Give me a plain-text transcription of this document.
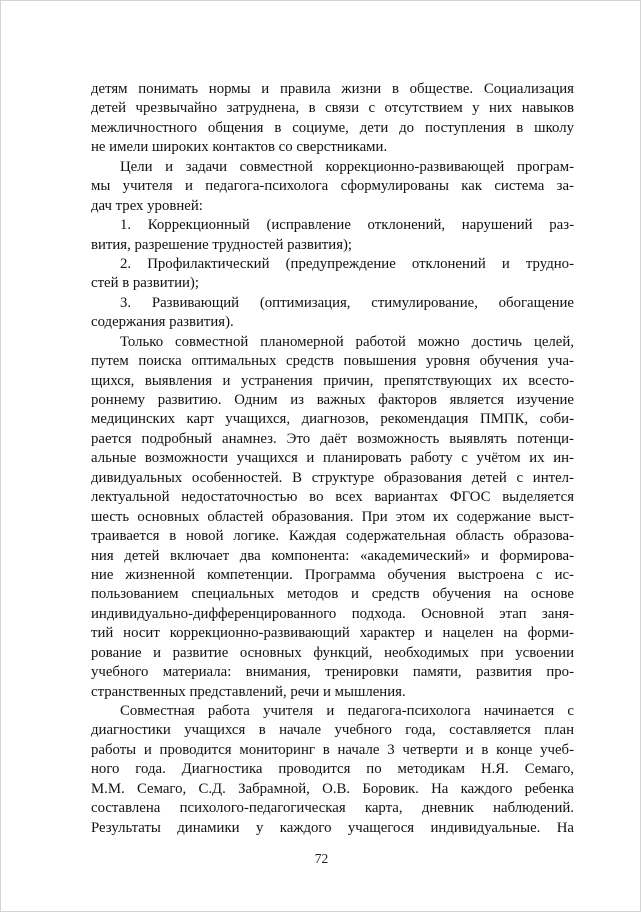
детям понимать нормы и правила жизни в обществе. Социализация
детей чрезвычайно затруднена, в связи с отсутствием у них навыков
межличностного общения в социуме, дети до поступления в школу
не имели широких контактов со сверстниками.
Цели и задачи совместной коррекционно-развивающей програм-
мы учителя и педагога-психолога сформулированы как система за-
дач трех уровней:
1. Коррекционный (исправление отклонений, нарушений раз-
вития, разрешение трудностей развития);
2. Профилактический (предупреждение отклонений и трудно-
стей в развитии);
3. Развивающий (оптимизация, стимулирование, обогащение
содержания развития).
Только совместной планомерной работой можно достичь целей,
путем поиска оптимальных средств повышения уровня обучения уча-
щихся, выявления и устранения причин, препятствующих их всесто-
роннему развитию. Одним из важных факторов является изучение
медицинских карт учащихся, диагнозов, рекомендация ПМПК, соби-
рается подробный анамнез. Это даёт возможность выявлять потенци-
альные возможности учащихся и планировать работу с учётом их ин-
дивидуальных особенностей. В структуре образования детей с интел-
лектуальной недостаточностью во всех вариантах ФГОС выделяется
шесть основных областей образования. При этом их содержание выст-
траивается в новой логике. Каждая содержательная область образова-
ния детей включает два компонента: «академический» и формирова-
ние жизненной компетенции. Программа обучения выстроена с ис-
пользованием специальных методов и средств обучения на основе
индивидуально-дифференцированного подхода. Основной этап заня-
тий носит коррекционно-развивающий характер и нацелен на форми-
рование и развитие основных функций, необходимых при усвоении
учебного материала: внимания, тренировки памяти, развития про-
странственных представлений, речи и мышления.
Совместная работа учителя и педагога-психолога начинается с
диагностики учащихся в начале учебного года, составляется план
работы и проводится мониторинг в начале 3 четверти и в конце учеб-
ного года. Диагностика проводится по методикам Н.Я. Семаго,
М.М. Семаго, С.Д. Забрамной, О.В. Боровик. На каждого ребенка
составлена психолого-педагогическая карта, дневник наблюдений.
Результаты динамики у каждого учащегося индивидуальные. На
72
